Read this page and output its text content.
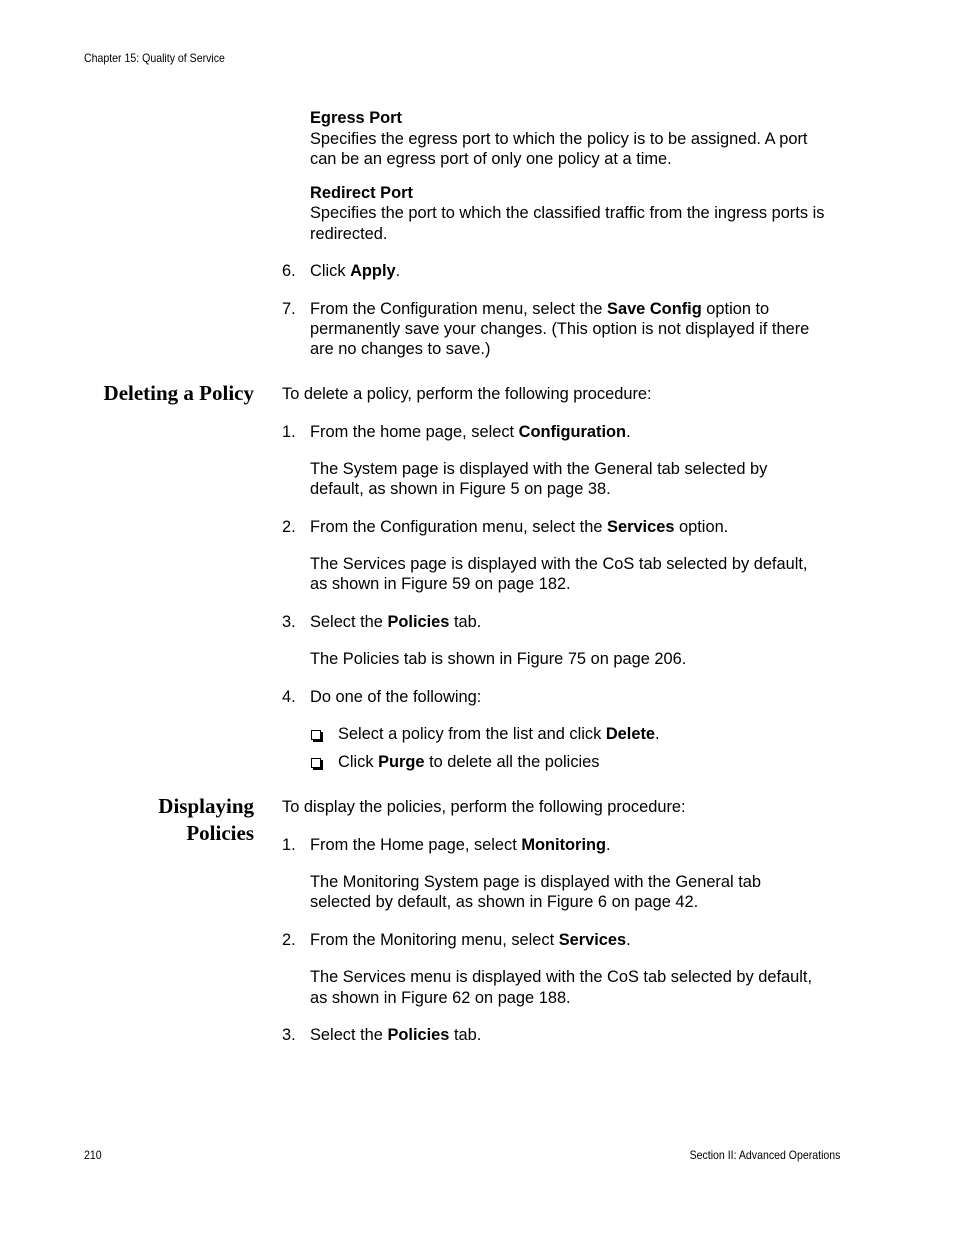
Chapter 15: Quality of Service
Egress Port
Specifies the egress port to which the policy is to be assigned. A port
can be an egress port of only one policy at a time.
Redirect Port
Specifies the port to which the classified traffic from the ingress ports is
redirected.
6. Click Apply.
7. From the Configuration menu, select the Save Config option to
permanently save your changes. (This option is not displayed if there
are no changes to save.)
Deleting a Policy To delete a policy, perform the following procedure:
1. From the home page, select Configuration.
The System page is displayed with the General tab selected by
default, as shown in Figure 5 on page 38.
2. From the Configuration menu, select the Services option.
The Services page is displayed with the CoS tab selected by default,
as shown in Figure 59 on page 182.
3. Select the Policies tab.
The Policies tab is shown in Figure 75 on page 206.
4. Do one of the following:
Select a policy from the list and click Delete.
Click Purge to delete all the policies
Displaying
Policies
To display the policies, perform the following procedure:
1. From the Home page, select Monitoring.
The Monitoring System page is displayed with the General tab
selected by default, as shown in Figure 6 on page 42.
2. From the Monitoring menu, select Services.
The Services menu is displayed with the CoS tab selected by default,
as shown in Figure 62 on page 188.
3. Select the Policies tab.
210	Section II: Advanced Operations
